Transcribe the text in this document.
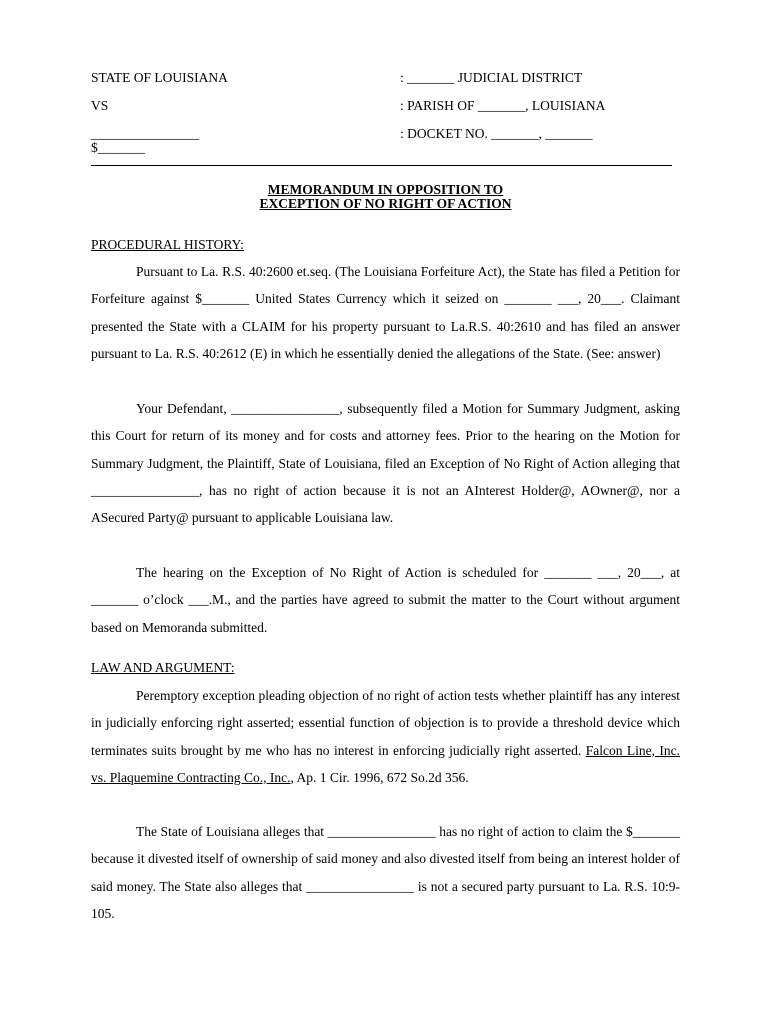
STATE OF LOUISIANA	: _______ JUDICIAL DISTRICT
VS	: PARISH OF _______, LOUISIANA
________________
$_______
: DOCKET NO. _______, _______
MEMORANDUM IN OPPOSITION TO
EXCEPTION OF NO RIGHT OF ACTION
PROCEDURAL HISTORY:

Pursuant to La. R.S. 40:2600 et.seq. (The Louisiana Forfeiture Act), the State has filed a Petition for Forfeiture against $_______ United States Currency which it seized on _______ ___, 20___. Claimant presented the State with a CLAIM for his property pursuant to La.R.S. 40:2610 and has filed an answer pursuant to La. R.S. 40:2612 (E) in which he essentially denied the allegations of the State. (See: answer)

Your Defendant, ________________, subsequently filed a Motion for Summary Judgment, asking this Court for return of its money and for costs and attorney fees. Prior to the hearing on the Motion for Summary Judgment, the Plaintiff, State of Louisiana, filed an Exception of No Right of Action alleging that ________________, has no right of action because it is not an AInterest Holder@, AOwner@, nor a ASecured Party@ pursuant to applicable Louisiana law.

The hearing on the Exception of No Right of Action is scheduled for _______ ___, 20___, at _______ o’clock ___.M., and the parties have agreed to submit the matter to the Court without argument based on Memoranda submitted.

LAW AND ARGUMENT:

Peremptory exception pleading objection of no right of action tests whether plaintiff has any interest in judicially enforcing right asserted; essential function of objection is to provide a threshold device which terminates suits brought by me who has no interest in enforcing judicially right asserted. Falcon Line, Inc. vs. Plaquemine Contracting Co., Inc., Ap. 1 Cir. 1996, 672 So.2d 356.

The State of Louisiana alleges that ________________ has no right of action to claim the $_______ because it divested itself of ownership of said money and also divested itself from being an interest holder of said money. The State also alleges that ________________ is not a secured party pursuant to La. R.S. 10:9-105.
